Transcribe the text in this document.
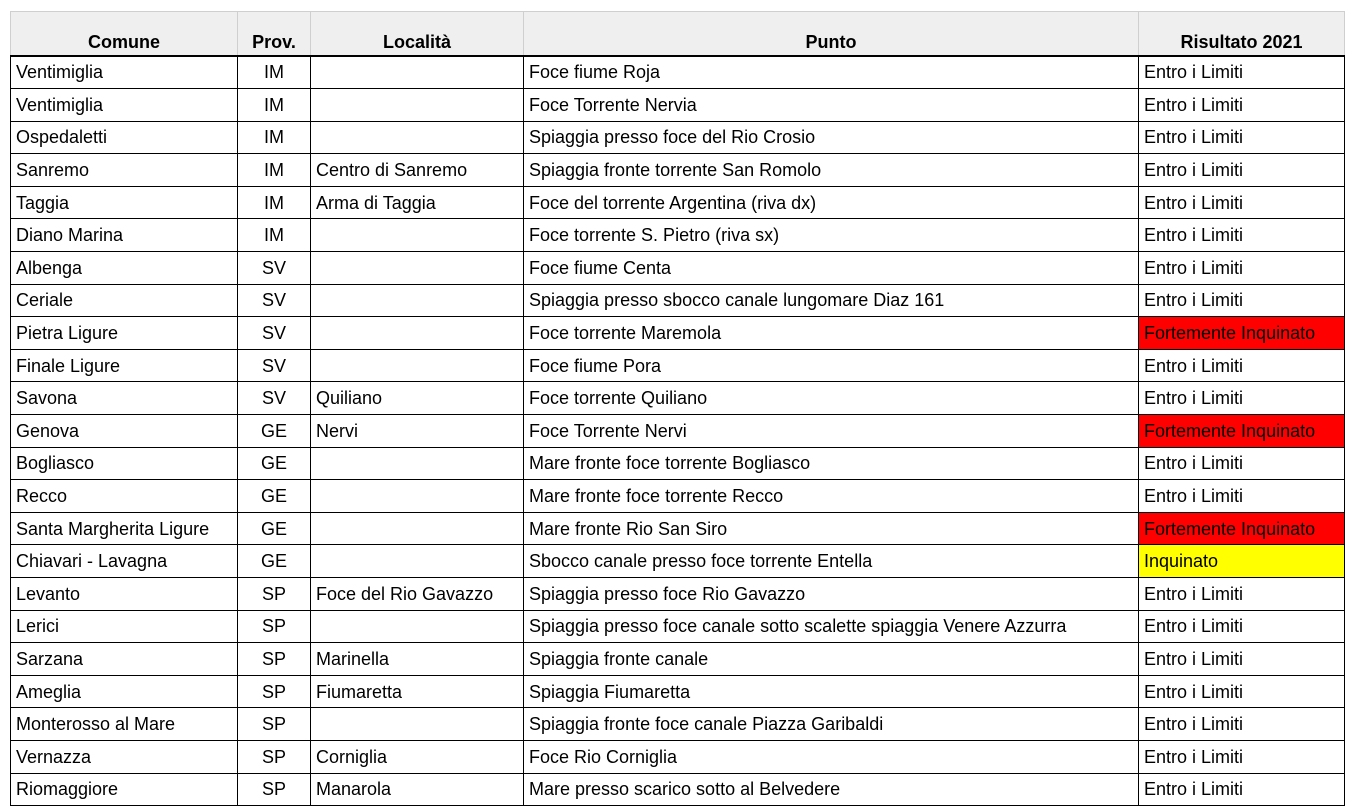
Comune	Prov.	Località	Punto	Risultato 2021
Ventimiglia	IM		Foce fiume Roja	Entro i Limiti
Ventimiglia	IM		Foce Torrente Nervia	Entro i Limiti
Ospedaletti	IM		Spiaggia presso foce del Rio Crosio	Entro i Limiti
Sanremo	IM	Centro di Sanremo	Spiaggia fronte torrente San Romolo	Entro i Limiti
Taggia	IM	Arma di Taggia	Foce del torrente Argentina (riva dx)	Entro i Limiti
Diano Marina	IM		Foce torrente S. Pietro (riva sx)	Entro i Limiti
Albenga	SV		Foce fiume Centa	Entro i Limiti
Ceriale	SV		Spiaggia presso sbocco canale lungomare Diaz 161	Entro i Limiti
Pietra Ligure	SV		Foce torrente Maremola	Fortemente Inquinato
Finale Ligure	SV		Foce fiume Pora	Entro i Limiti
Savona	SV	Quiliano	Foce torrente Quiliano	Entro i Limiti
Genova	GE	Nervi	Foce Torrente Nervi	Fortemente Inquinato
Bogliasco	GE		Mare fronte foce torrente Bogliasco	Entro i Limiti
Recco	GE		Mare fronte foce torrente Recco	Entro i Limiti
Santa Margherita Ligure	GE		Mare fronte Rio San Siro	Fortemente Inquinato
Chiavari - Lavagna	GE		Sbocco canale presso foce torrente Entella	Inquinato
Levanto	SP	Foce del Rio Gavazzo	Spiaggia presso foce Rio Gavazzo	Entro i Limiti
Lerici	SP		Spiaggia presso foce canale sotto scalette spiaggia Venere Azzurra	Entro i Limiti
Sarzana	SP	Marinella	Spiaggia fronte canale	Entro i Limiti
Ameglia	SP	Fiumaretta	Spiaggia Fiumaretta	Entro i Limiti
Monterosso al Mare	SP		Spiaggia fronte foce canale Piazza Garibaldi	Entro i Limiti
Vernazza	SP	Corniglia	Foce Rio Corniglia	Entro i Limiti
Riomaggiore	SP	Manarola	Mare presso scarico sotto al Belvedere	Entro i Limiti
